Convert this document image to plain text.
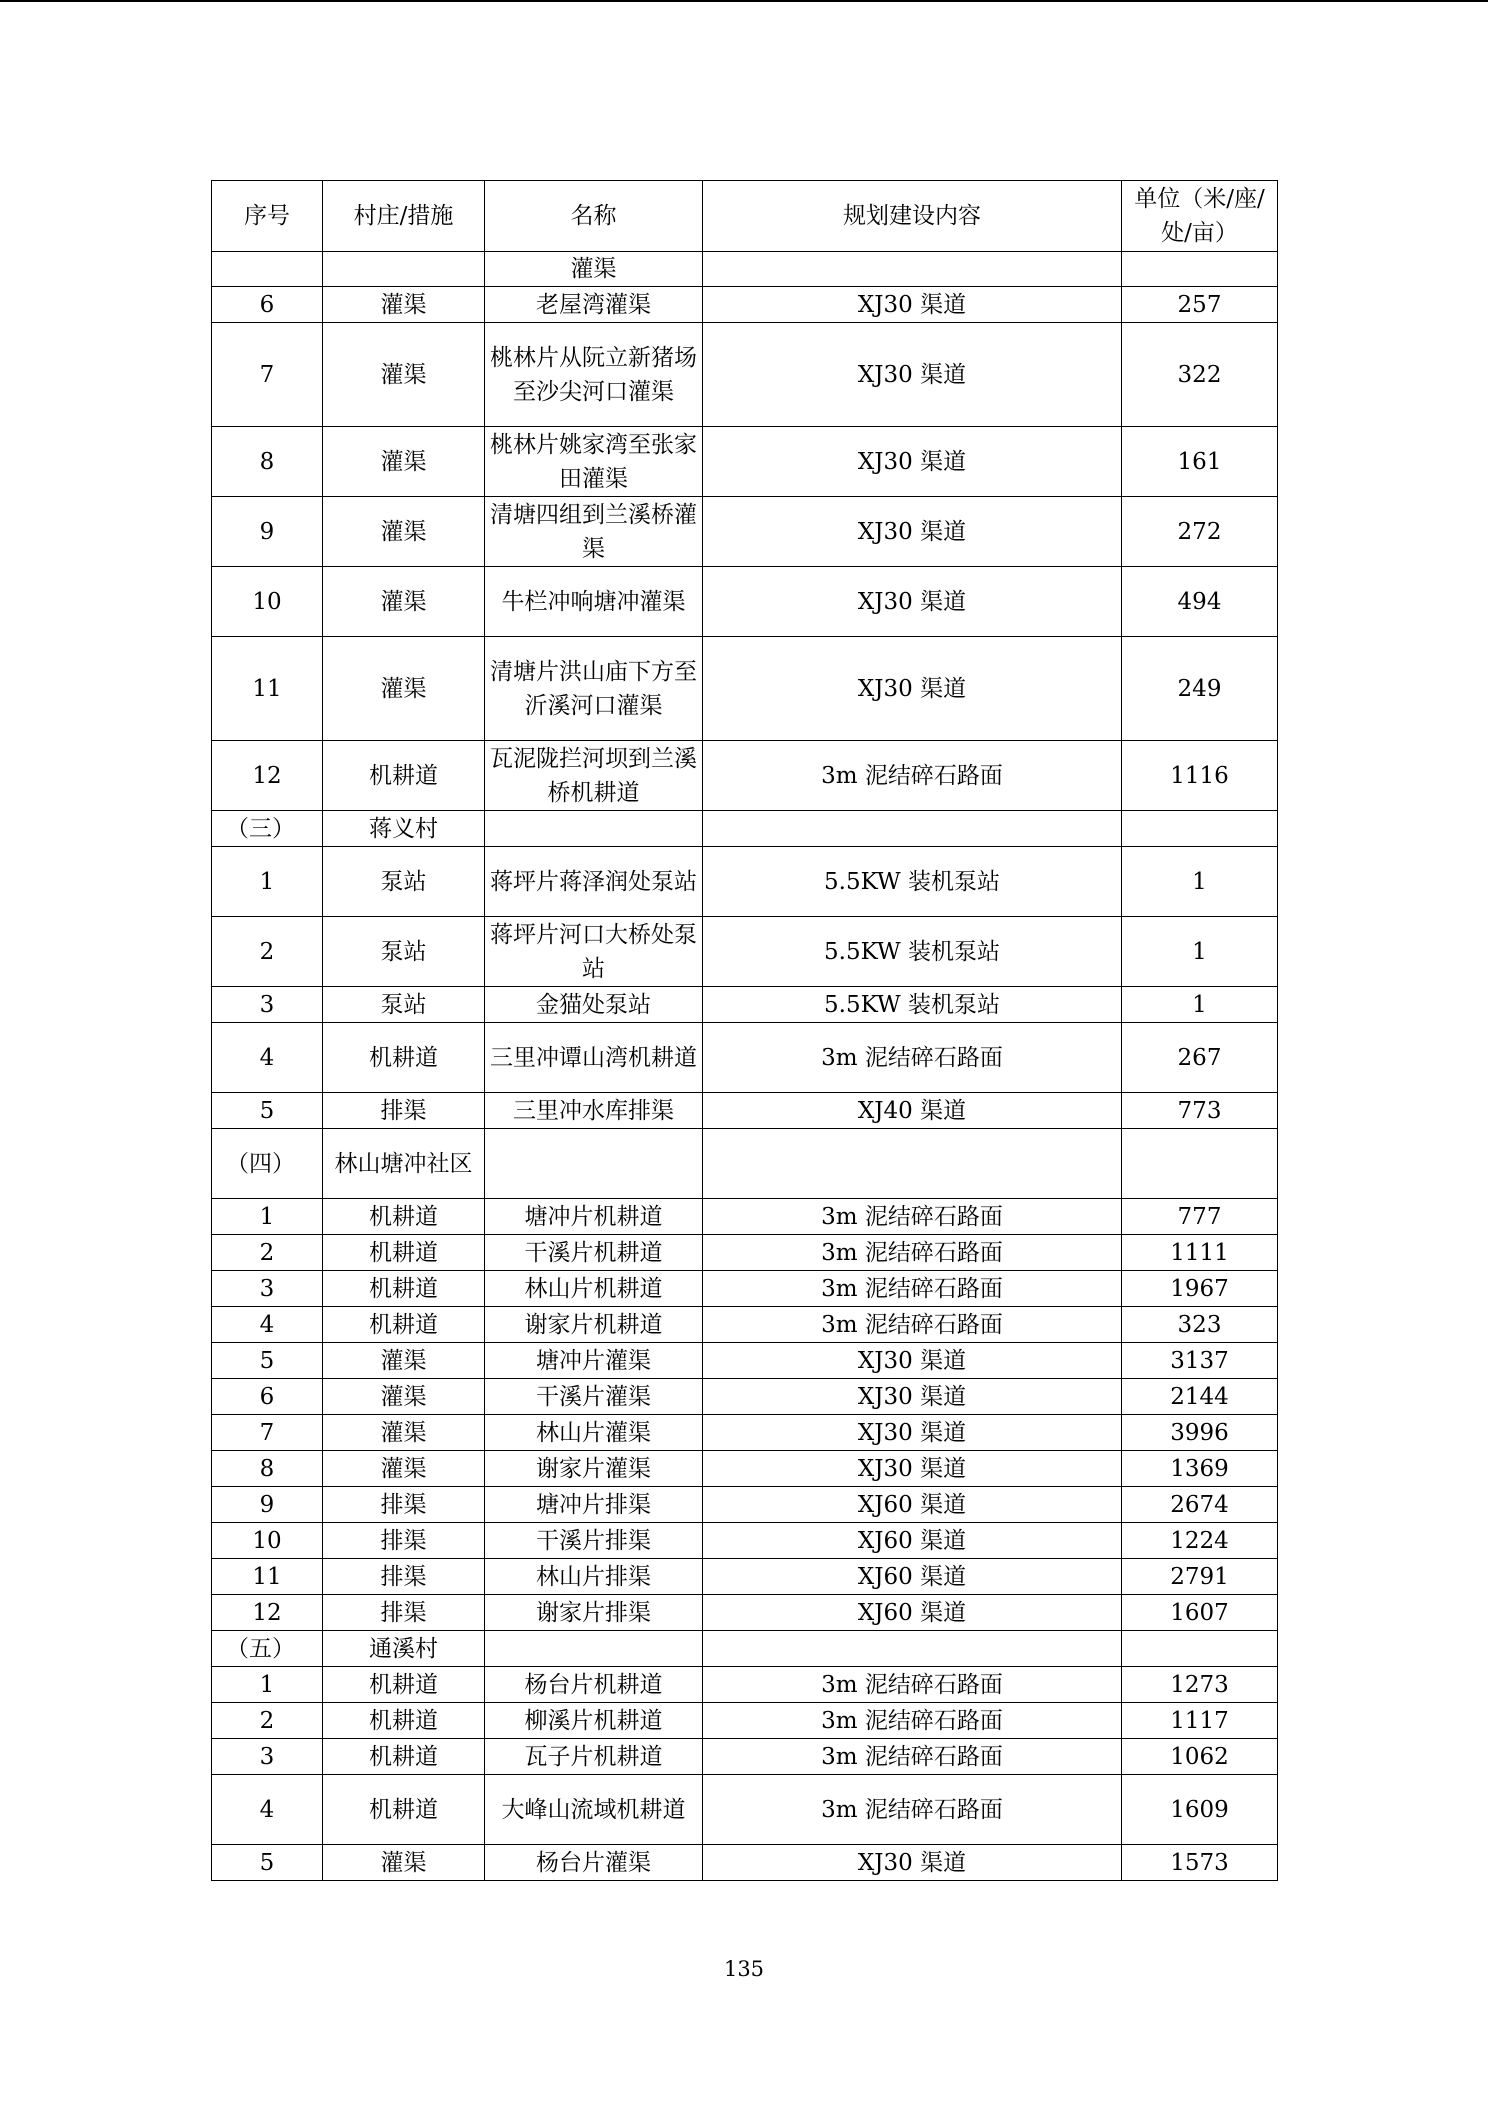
序号	村庄/措施	名称	规划建设内容	单位（米/座/处/亩）
		灌渠		
6	灌渠	老屋湾灌渠	XJ30 渠道	257
7	灌渠	桃林片从阮立新猪场至沙尖河口灌渠	XJ30 渠道	322
8	灌渠	桃林片姚家湾至张家田灌渠	XJ30 渠道	161
9	灌渠	清塘四组到兰溪桥灌渠	XJ30 渠道	272
10	灌渠	牛栏冲响塘冲灌渠	XJ30 渠道	494
11	灌渠	清塘片洪山庙下方至沂溪河口灌渠	XJ30 渠道	249
12	机耕道	瓦泥陇拦河坝到兰溪桥机耕道	3m 泥结碎石路面	1116
（三）	蒋义村			
1	泵站	蒋坪片蒋泽润处泵站	5.5KW 装机泵站	1
2	泵站	蒋坪片河口大桥处泵站	5.5KW 装机泵站	1
3	泵站	金猫处泵站	5.5KW 装机泵站	1
4	机耕道	三里冲谭山湾机耕道	3m 泥结碎石路面	267
5	排渠	三里冲水库排渠	XJ40 渠道	773
（四）	林山塘冲社区			
1	机耕道	塘冲片机耕道	3m 泥结碎石路面	777
2	机耕道	干溪片机耕道	3m 泥结碎石路面	1111
3	机耕道	林山片机耕道	3m 泥结碎石路面	1967
4	机耕道	谢家片机耕道	3m 泥结碎石路面	323
5	灌渠	塘冲片灌渠	XJ30 渠道	3137
6	灌渠	干溪片灌渠	XJ30 渠道	2144
7	灌渠	林山片灌渠	XJ30 渠道	3996
8	灌渠	谢家片灌渠	XJ30 渠道	1369
9	排渠	塘冲片排渠	XJ60 渠道	2674
10	排渠	干溪片排渠	XJ60 渠道	1224
11	排渠	林山片排渠	XJ60 渠道	2791
12	排渠	谢家片排渠	XJ60 渠道	1607
（五）	通溪村			
1	机耕道	杨台片机耕道	3m 泥结碎石路面	1273
2	机耕道	柳溪片机耕道	3m 泥结碎石路面	1117
3	机耕道	瓦子片机耕道	3m 泥结碎石路面	1062
4	机耕道	大峰山流域机耕道	3m 泥结碎石路面	1609
5	灌渠	杨台片灌渠	XJ30 渠道	1573
135
